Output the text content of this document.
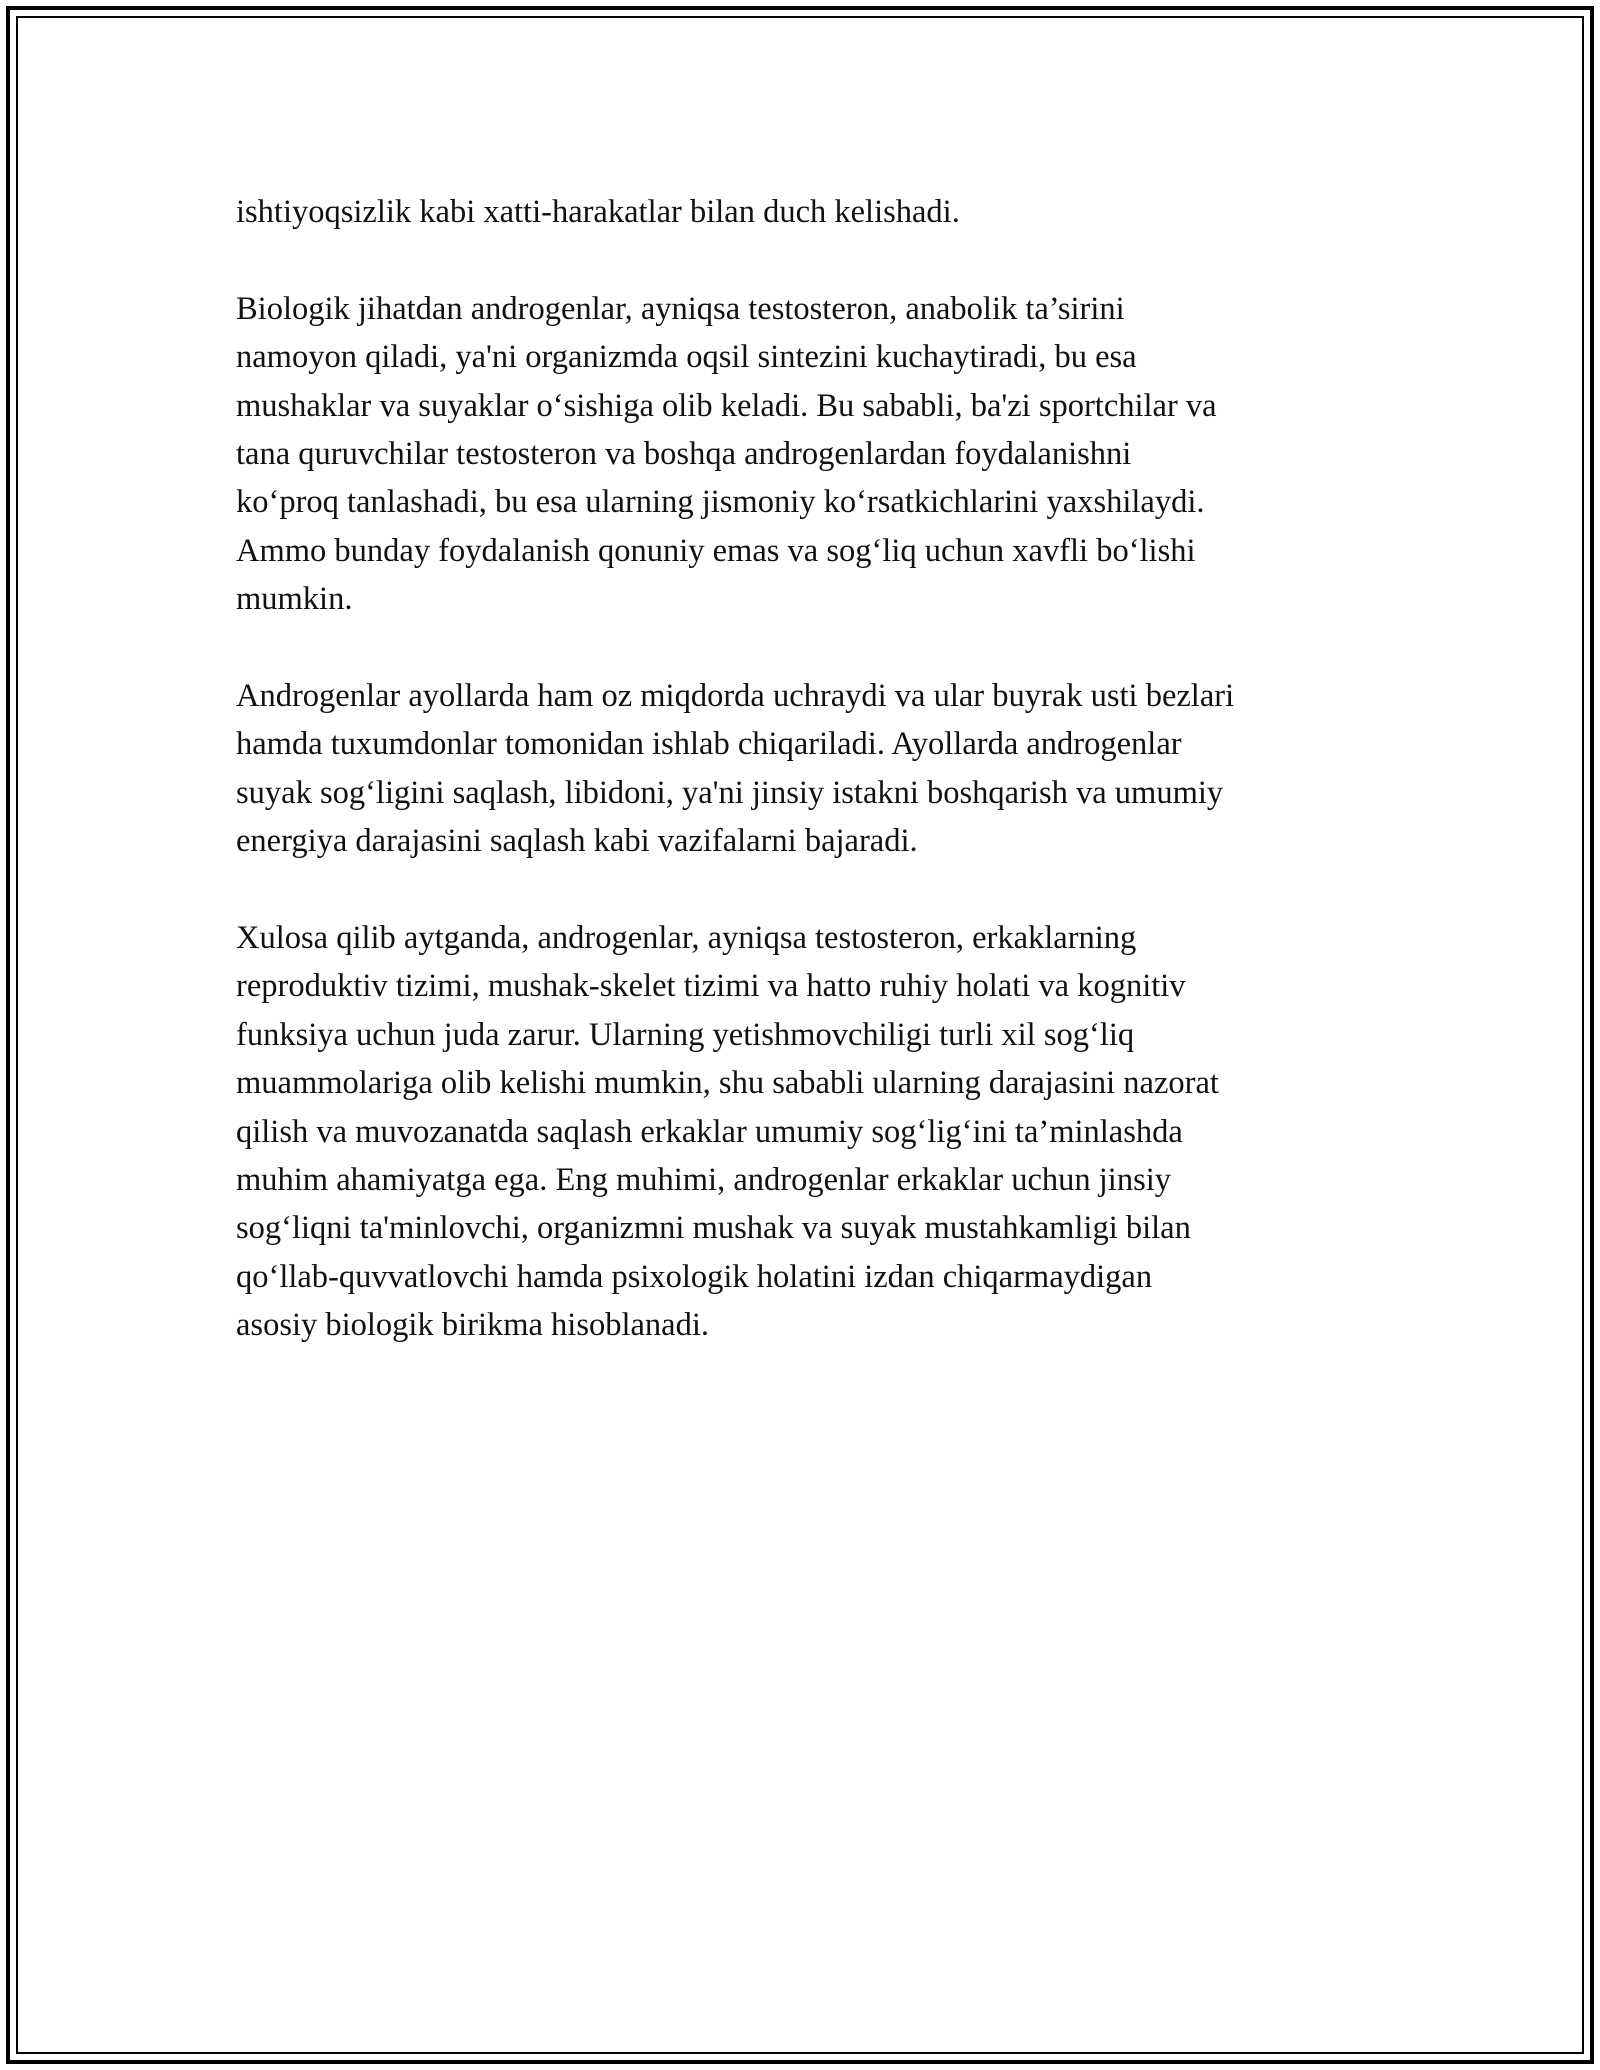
ishtiyoqsizlik kabi xatti-harakatlar bilan duch kelishadi.

Biologik jihatdan androgenlar, ayniqsa testosteron, anabolik ta’sirini
namoyon qiladi, ya'ni organizmda oqsil sintezini kuchaytiradi, bu esa
mushaklar va suyaklar o‘sishiga olib keladi. Bu sababli, ba'zi sportchilar va
tana quruvchilar testosteron va boshqa androgenlardan foydalanishni
ko‘proq tanlashadi, bu esa ularning jismoniy ko‘rsatkichlarini yaxshilaydi.
Ammo bunday foydalanish qonuniy emas va sog‘liq uchun xavfli bo‘lishi
mumkin.

Androgenlar ayollarda ham oz miqdorda uchraydi va ular buyrak usti bezlari
hamda tuxumdonlar tomonidan ishlab chiqariladi. Ayollarda androgenlar
suyak sog‘ligini saqlash, libidoni, ya'ni jinsiy istakni boshqarish va umumiy
energiya darajasini saqlash kabi vazifalarni bajaradi.

Xulosa qilib aytganda, androgenlar, ayniqsa testosteron, erkaklarning
reproduktiv tizimi, mushak-skelet tizimi va hatto ruhiy holati va kognitiv
funksiya uchun juda zarur. Ularning yetishmovchiligi turli xil sog‘liq
muammolariga olib kelishi mumkin, shu sababli ularning darajasini nazorat
qilish va muvozanatda saqlash erkaklar umumiy sog‘lig‘ini ta’minlashda
muhim ahamiyatga ega. Eng muhimi, androgenlar erkaklar uchun jinsiy
sog‘liqni ta'minlovchi, organizmni mushak va suyak mustahkamligi bilan
qo‘llab-quvvatlovchi hamda psixologik holatini izdan chiqarmaydigan
asosiy biologik birikma hisoblanadi.
